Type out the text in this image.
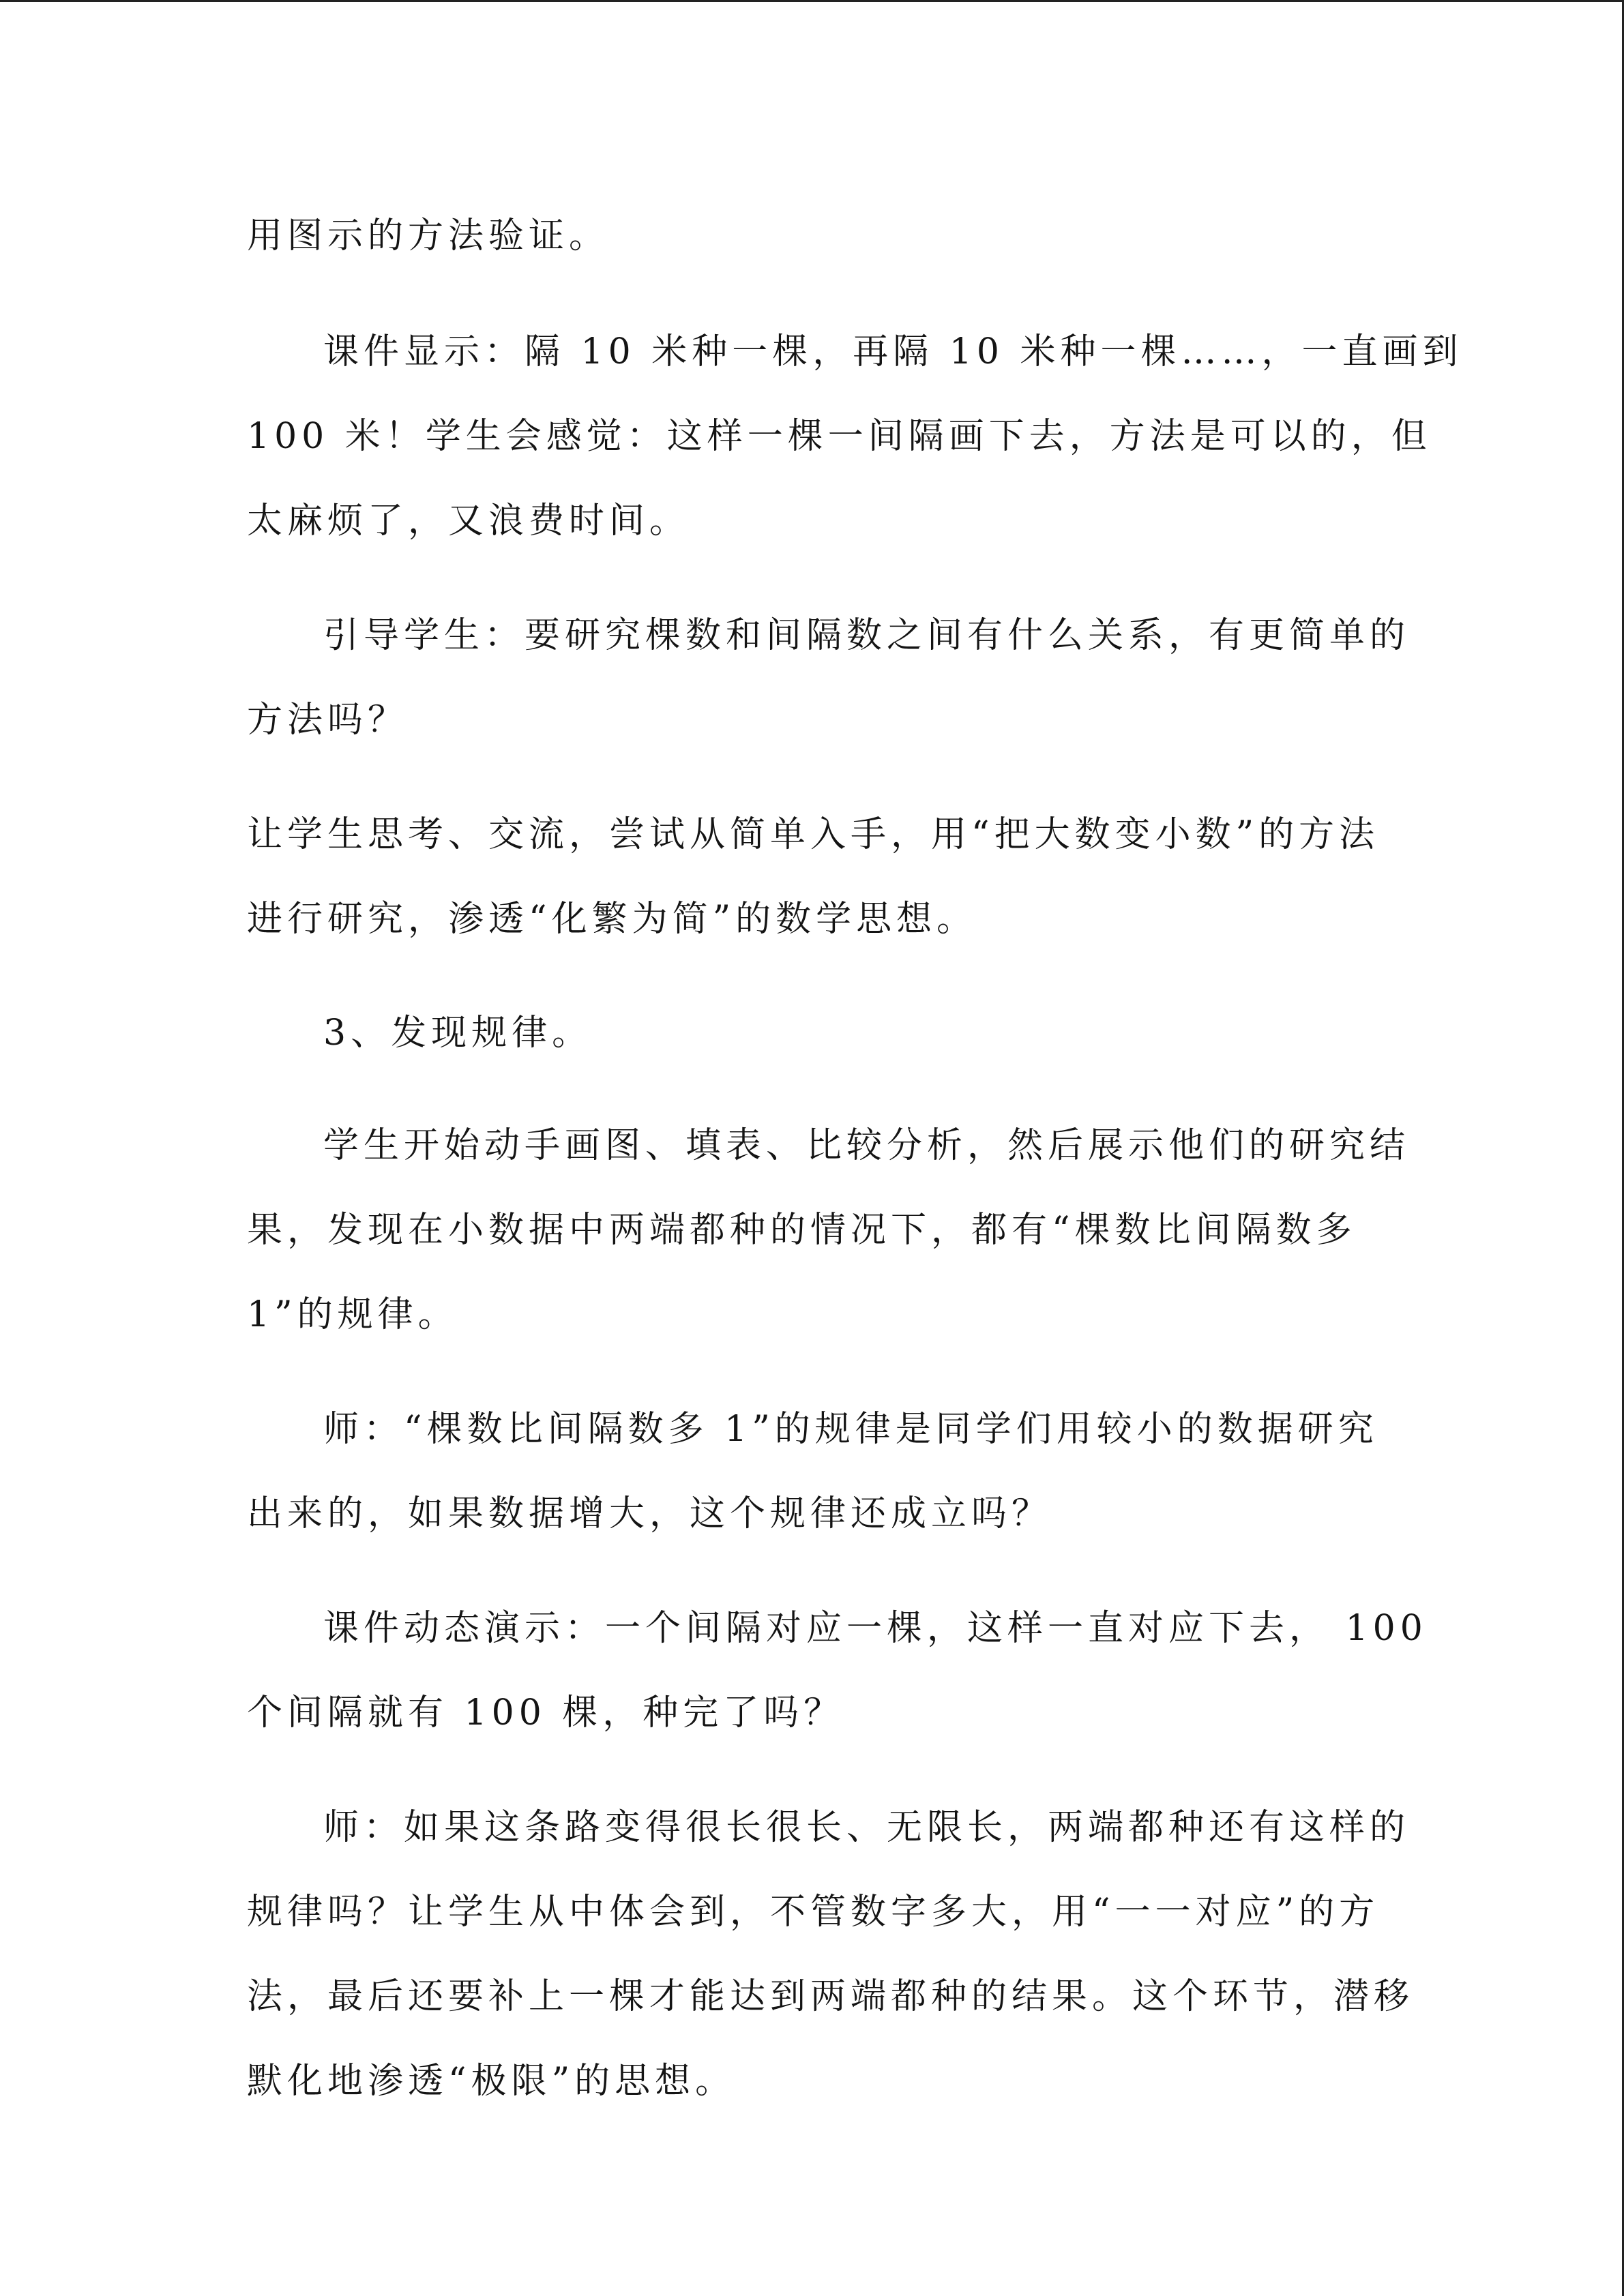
用图示的方法验证。

课件显示：隔 10 米种一棵，再隔 10 米种一棵……，一直画到

100 米！学生会感觉：这样一棵一间隔画下去，方法是可以的，但

太麻烦了，又浪费时间。

引导学生：要研究棵数和间隔数之间有什么关系，有更简单的

方法吗？

让学生思考、交流，尝试从简单入手，用“把大数变小数”的方法

进行研究，渗透“化繁为简”的数学思想。

3、发现规律。

学生开始动手画图、填表、比较分析，然后展示他们的研究结

果，发现在小数据中两端都种的情况下，都有“棵数比间隔数多

1”的规律。

师：“棵数比间隔数多 1”的规律是同学们用较小的数据研究

出来的，如果数据增大，这个规律还成立吗？

课件动态演示：一个间隔对应一棵，这样一直对应下去， 100

个间隔就有 100 棵，种完了吗？

师：如果这条路变得很长很长、无限长，两端都种还有这样的

规律吗？让学生从中体会到，不管数字多大，用“一一对应”的方

法，最后还要补上一棵才能达到两端都种的结果。这个环节，潜移

默化地渗透“极限”的思想。
